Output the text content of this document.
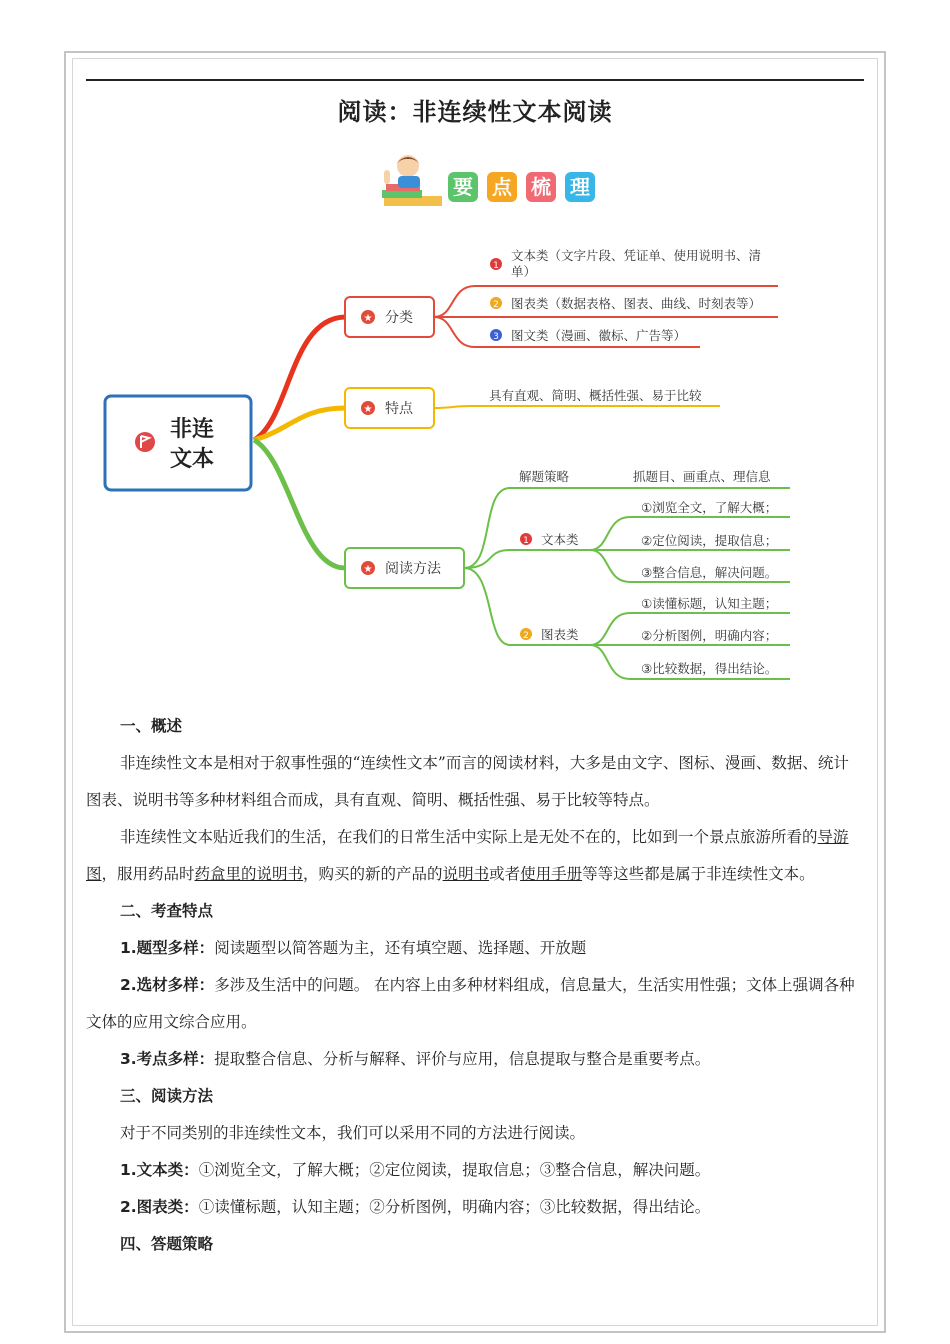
阅读：非连续性文本阅读
要 点 梳 理
非连
文本
★ 分类
1
文本类（文字片段、凭证单、使用说明书、清
单）
2 图表类（数据表格、图表、曲线、时刻表等）
3 图文类（漫画、徽标、广告等）
★ 特点
具有直观、简明、概括性强、易于比较
★ 阅读方法
解题策略	抓题目、画重点、理信息
1 文本类
①浏览全文，了解大概；
②定位阅读，提取信息；
③整合信息，解决问题。
2 图表类
①读懂标题，认知主题；
②分析图例，明确内容；
③比较数据，得出结论。
一、概述

非连续性文本是相对于叙事性强的“连续性文本”而言的阅读材料，大多是由文字、图标、漫画、数据、统计图表、说明书等多种材料组合而成，具有直观、简明、概括性强、易于比较等特点。

非连续性文本贴近我们的生活，在我们的日常生活中实际上是无处不在的，比如到一个景点旅游所看的导游图，服用药品时药盒里的说明书，购买的新的产品的说明书或者使用手册等等这些都是属于非连续性文本。

二、考查特点
1.题型多样：阅读题型以简答题为主，还有填空题、选择题、开放题

2.选材多样：多涉及生活中的问题。 在内容上由多种材料组成，信息量大，生活实用性强；文体上强调各种文体的应用文综合应用。

3.考点多样：提取整合信息、分析与解释、评价与应用，信息提取与整合是重要考点。
三、阅读方法
对于不同类别的非连续性文本，我们可以采用不同的方法进行阅读。
1.文本类：①浏览全文，了解大概；②定位阅读，提取信息；③整合信息，解决问题。
2.图表类：①读懂标题，认知主题；②分析图例，明确内容；③比较数据，得出结论。
四、答题策略
